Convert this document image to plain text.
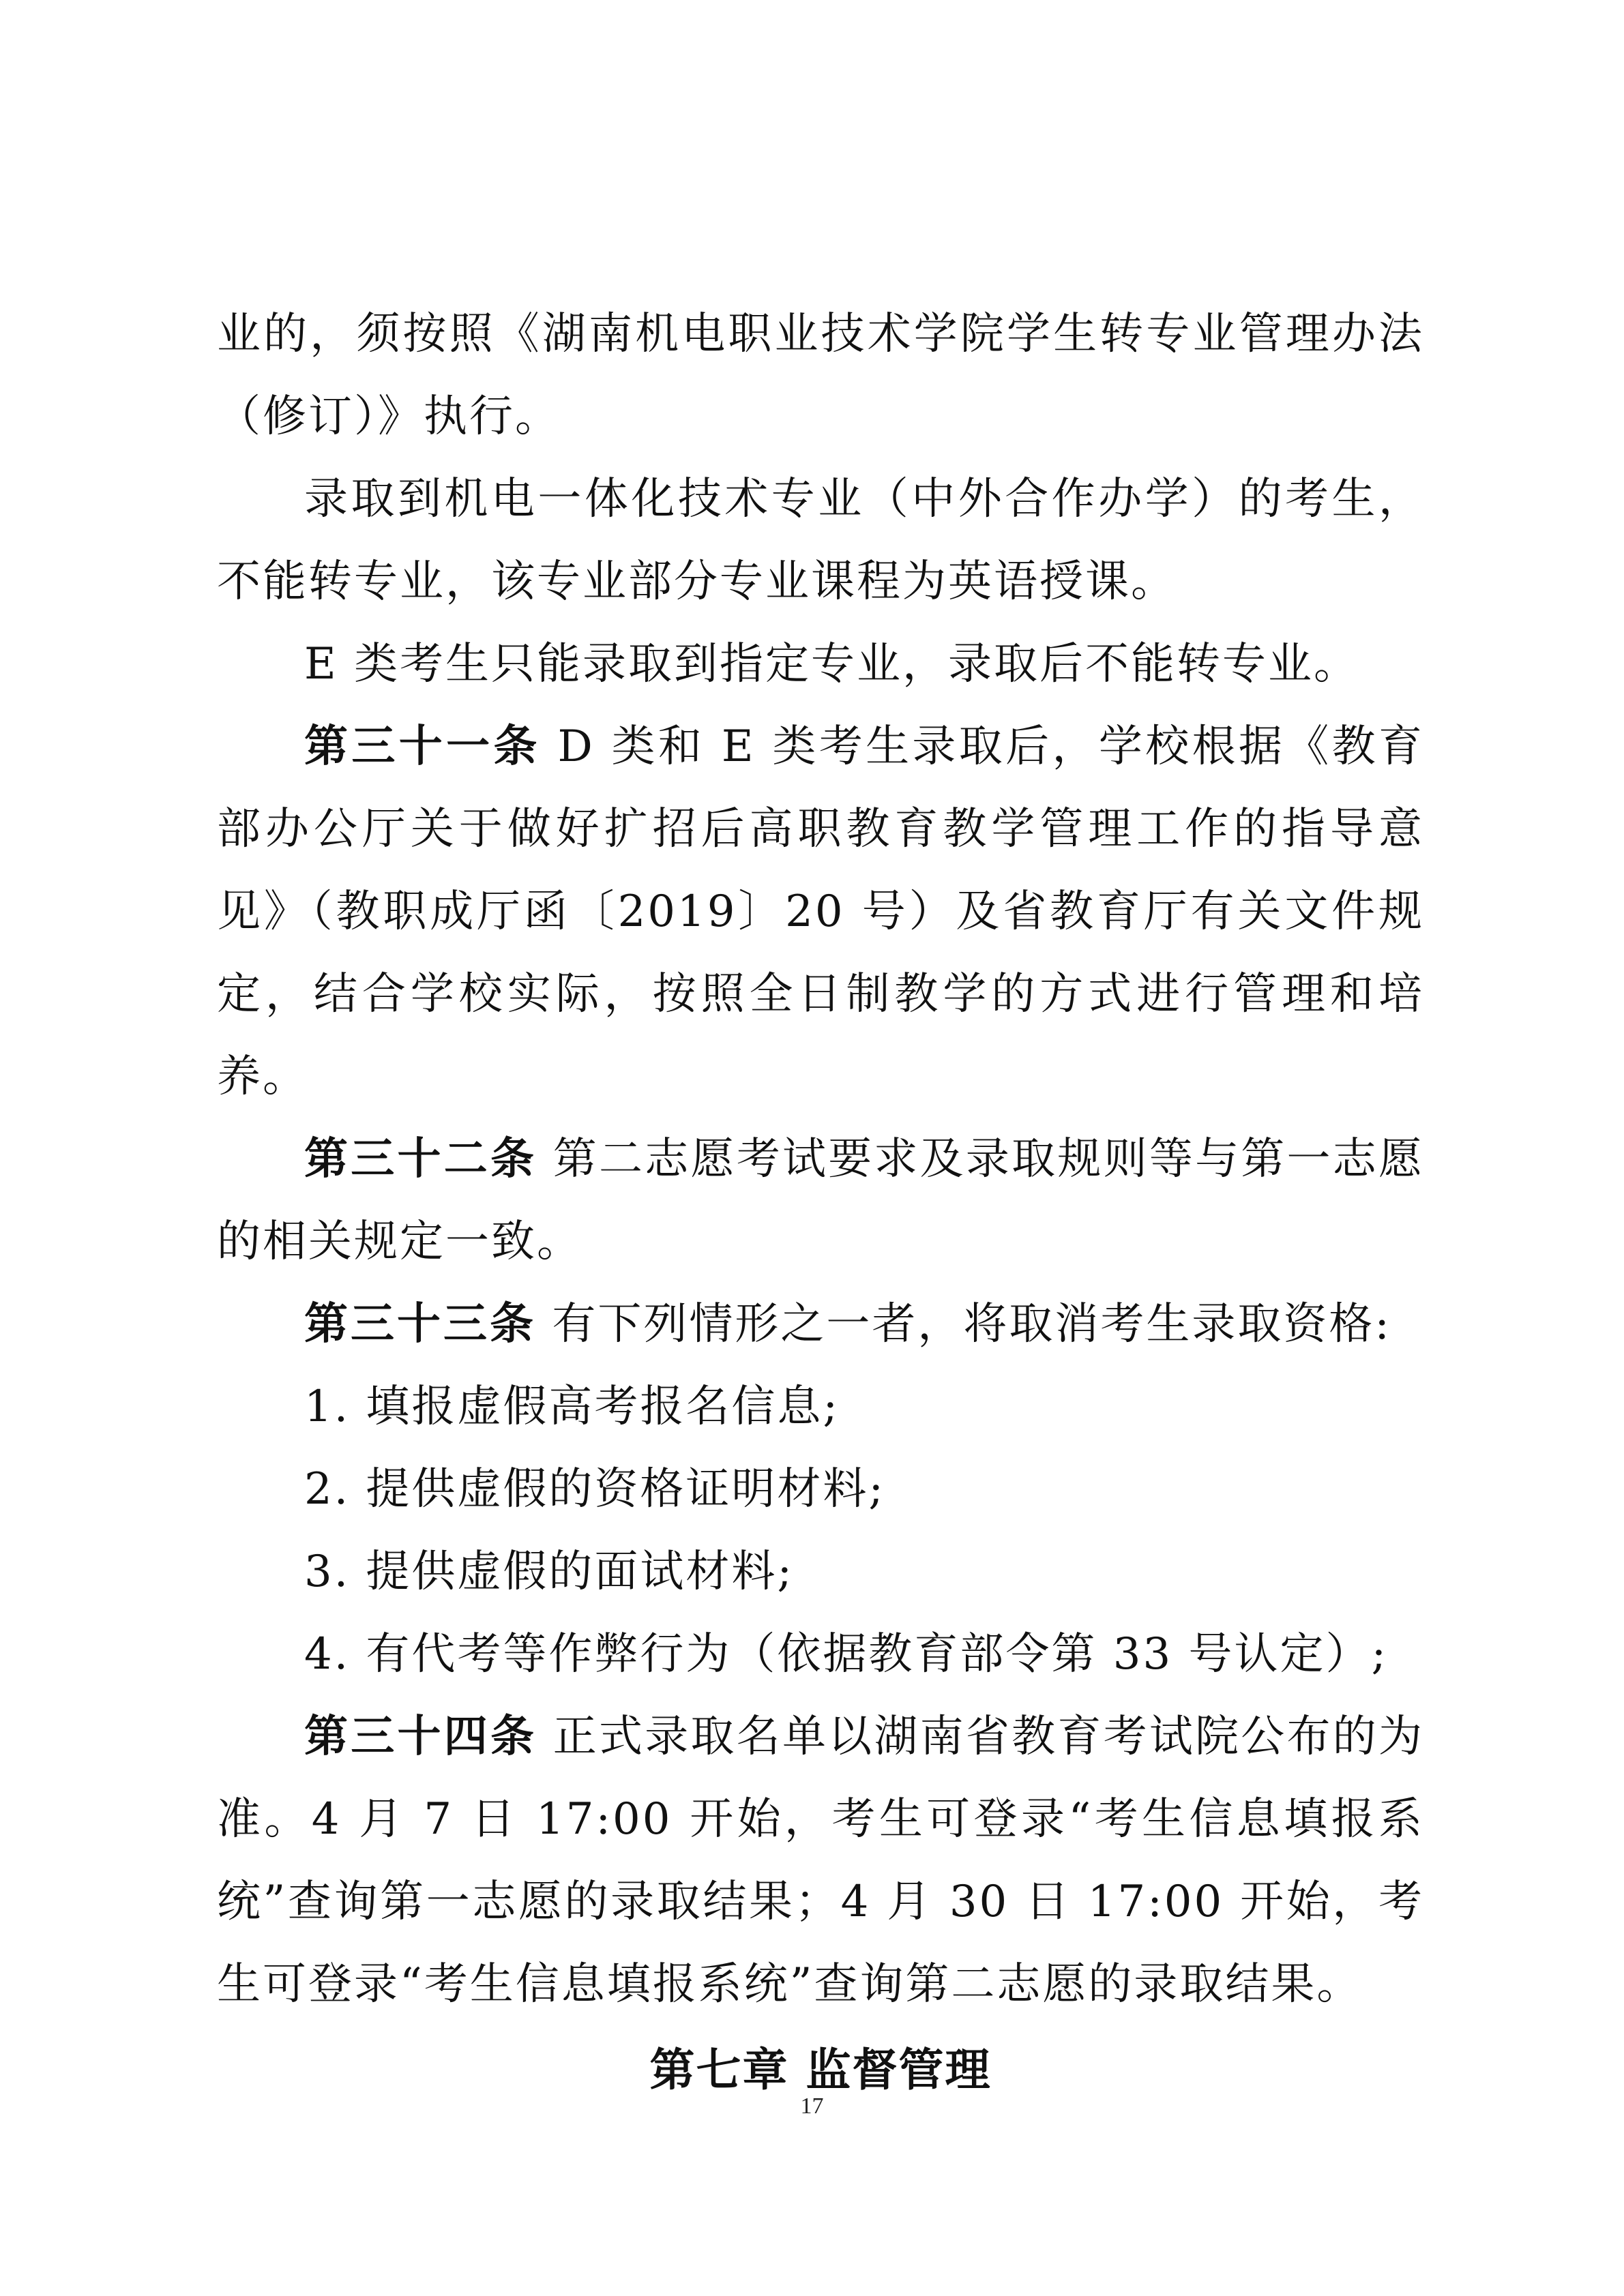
业的，须按照《湖南机电职业技术学院学生转专业管理办法（修订）》执行。

录取到机电一体化技术专业（中外合作办学）的考生，不能转专业，该专业部分专业课程为英语授课。

E 类考生只能录取到指定专业，录取后不能转专业。

第三十一条 D 类和 E 类考生录取后，学校根据《教育部办公厅关于做好扩招后高职教育教学管理工作的指导意见》（教职成厅函〔2019〕20 号）及省教育厅有关文件规定，结合学校实际，按照全日制教学的方式进行管理和培养。

第三十二条 第二志愿考试要求及录取规则等与第一志愿的相关规定一致。

第三十三条 有下列情形之一者，将取消考生录取资格:

1. 填报虚假高考报名信息;

2. 提供虚假的资格证明材料;

3. 提供虚假的面试材料;

4. 有代考等作弊行为（依据教育部令第 33 号认定）;

第三十四条 正式录取名单以湖南省教育考试院公布的为准。4 月 7 日 17:00 开始，考生可登录“考生信息填报系统”查询第一志愿的录取结果；4 月 30 日 17:00 开始，考生可登录“考生信息填报系统”查询第二志愿的录取结果。

第七章 监督管理
17
